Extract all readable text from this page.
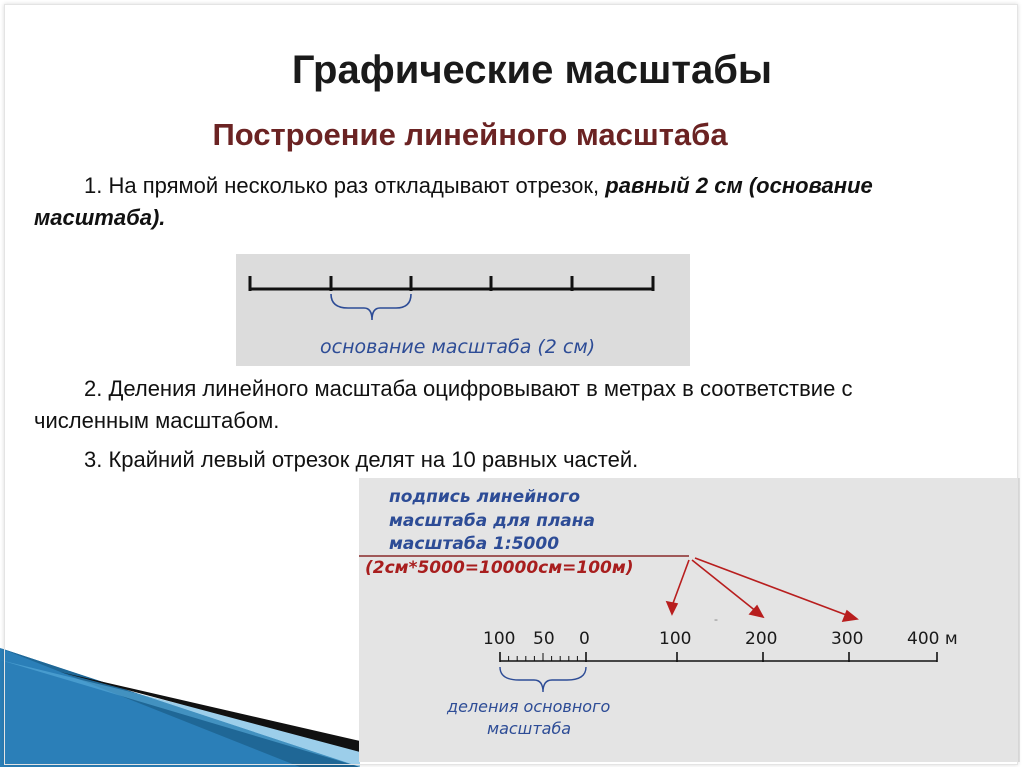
Графические масштабы
Построение линейного масштаба

1. На прямой несколько раз откладывают отрезок, равный 2 см (основание масштаба).

основание масштаба (2 см)

2. Деления линейного масштаба оцифровывают в метрах в соответствие с численным масштабом.

3. Крайний левый отрезок делят на 10 равных частей.

подпись линейного
масштаба для плана
масштаба 1:5000
(2см*5000=10000см=100м)
-
100 50 0	100	200	300	400 м
деления основного
масштаба
